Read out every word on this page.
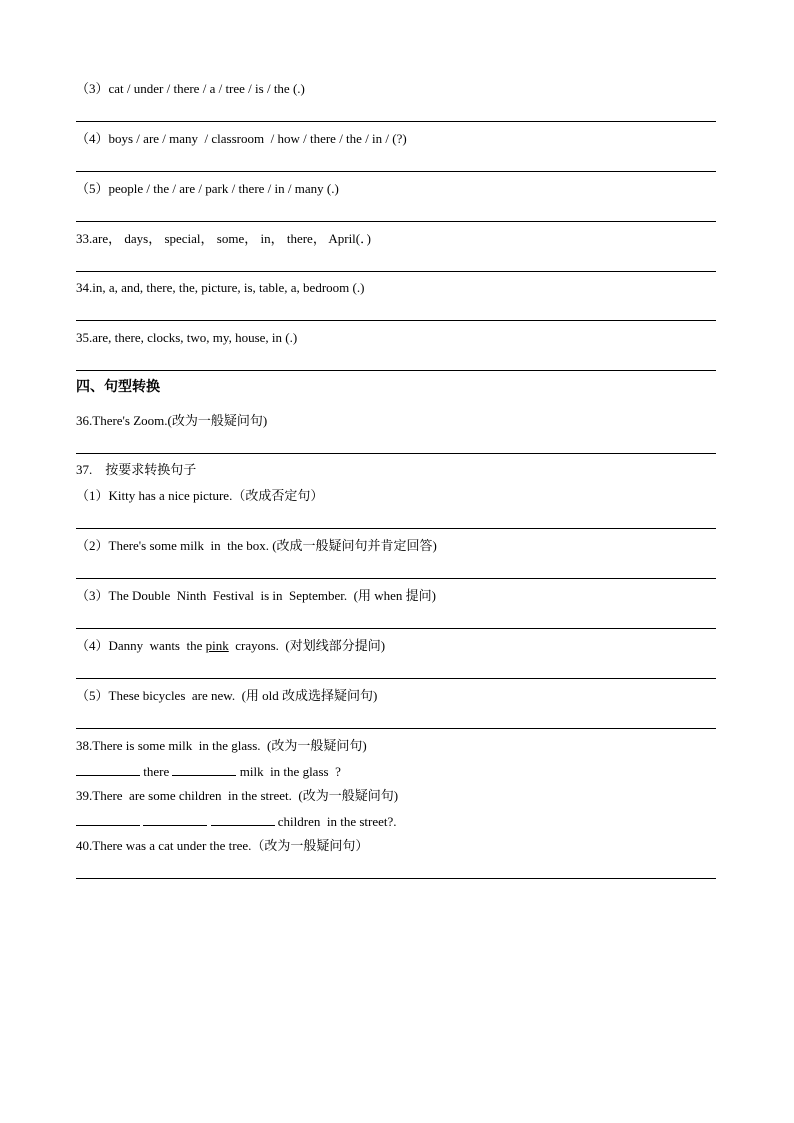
（3）cat / under / there / a / tree / is / the (.)
（4）boys / are / many  / classroom  / how / there / the / in / (?)
（5）people / the / are / park / there / in / many (.)
33.are， days， special， some， in， there， April(．)
34.in, a, and, there, the, picture, is, table, a, bedroom (.)
35.are, there, clocks, two, my, house, in (.)
四、句型转换
36.There's Zoom.(改为一般疑问句)
37.    按要求转换句子
（1）Kitty has a nice picture.（改成否定句）
（2）There's some milk  in  the box. (改成一般疑问句并肯定回答)
（3）The Double  Ninth  Festival  is in  September.  (用 when 提问)
（4）Danny  wants  the pink  crayons.  (对划线部分提问)
（5）These bicycles  are new.  (用 old 改成选择疑问句)
38.There is some milk  in the glass.  (改为一般疑问句)
there	milk  in the glass  ?
39.There  are some children  in the street.  (改为一般疑问句)
children  in the street?.
40.There was a cat under the tree.（改为一般疑问句）
